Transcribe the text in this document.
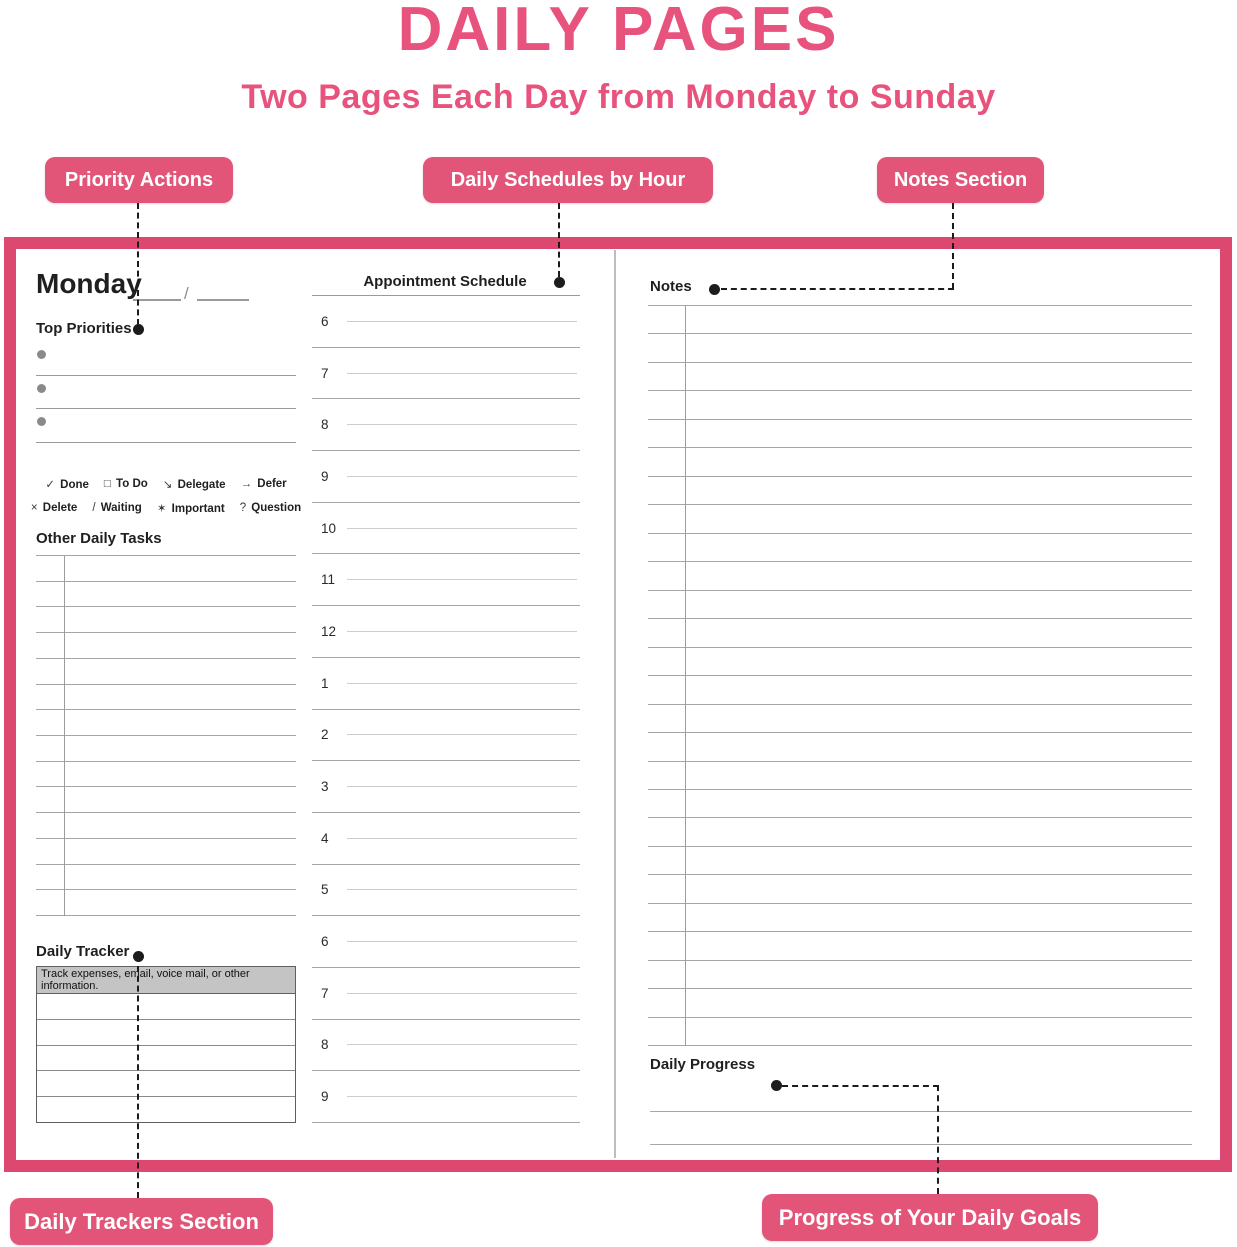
DAILY PAGES
Two Pages Each Day from Monday to Sunday
Priority Actions	Daily Schedules by Hour	Notes Section
Daily Trackers Section	Progress of Your Daily Goals
Monday /
Top Priorities
✓ Done □ To Do ↘ Delegate → Defer
× Delete / Waiting ✶ Important ? Question
Other Daily Tasks
Daily Tracker
Track expenses, email, voice mail, or other information.
Appointment Schedule
6
7
8
9
10
11
12
1
2
3
4
5
6
7
8
9
Notes
Daily Progress
